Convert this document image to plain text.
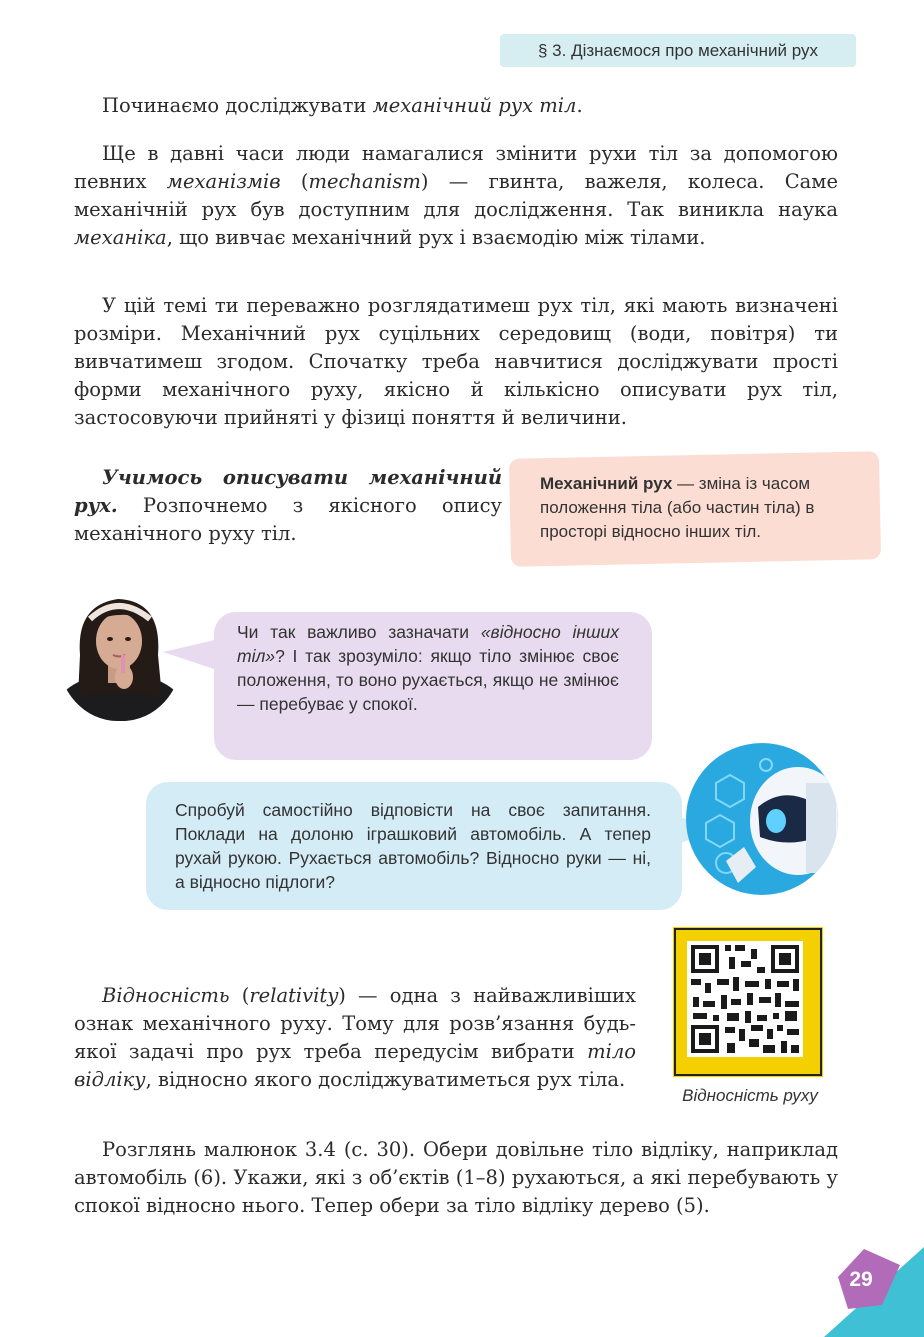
§ 3. Дізнаємося про механічний рух

Починаємо досліджувати механічний рух тіл.

Ще в давні часи люди намагалися змінити рухи тіл за допомогою певних механізмів (mechanism) — гвинта, важеля, колеса. Саме механічній рух був доступним для дослідження. Так виникла наука механіка, що вивчає механічний рух і взаємодію між тілами.

У цій темі ти переважно розглядатимеш рух тіл, які мають визначені розміри. Механічний рух суцільних середовищ (води, повітря) ти вивчатимеш згодом. Спочатку треба навчитися досліджувати прості форми механічного руху, якісно й кількісно описувати рух тіл, застосовуючи прийняті у фізиці поняття й величини.

Учимось описувати механічний рух. Розпочнемо з якісного опису механічного руху тіл.

Механічний рух — зміна із часом положення тіла (або частин тіла) в просторі відносно інших тіл.
Чи так важливо зазначати «відносно інших тіл»? І так зрозуміло: якщо тіло змінює своє положення, то воно рухається, якщо не змінює — перебуває у спокої.
Спробуй самостійно відповісти на своє запитання. Поклади на долоню іграшковий автомобіль. А тепер рухай рукою. Рухається автомобіль? Відносно руки — ні, а відносно підлоги?

Відносність (relativity) — одна з найважливіших ознак механічного руху. Тому для розв’язання будь-якої задачі про рух треба передусім вибрати тіло відліку, відносно якого досліджуватиметься рух тіла.

Відносність руху

Розглянь малюнок 3.4 (с. 30). Обери довільне тіло відліку, наприклад автомобіль (6). Укажи, які з об’єктів (1–8) рухаються, а які перебувають у спокої відносно нього. Тепер обери за тіло відліку дерево (5).

29
